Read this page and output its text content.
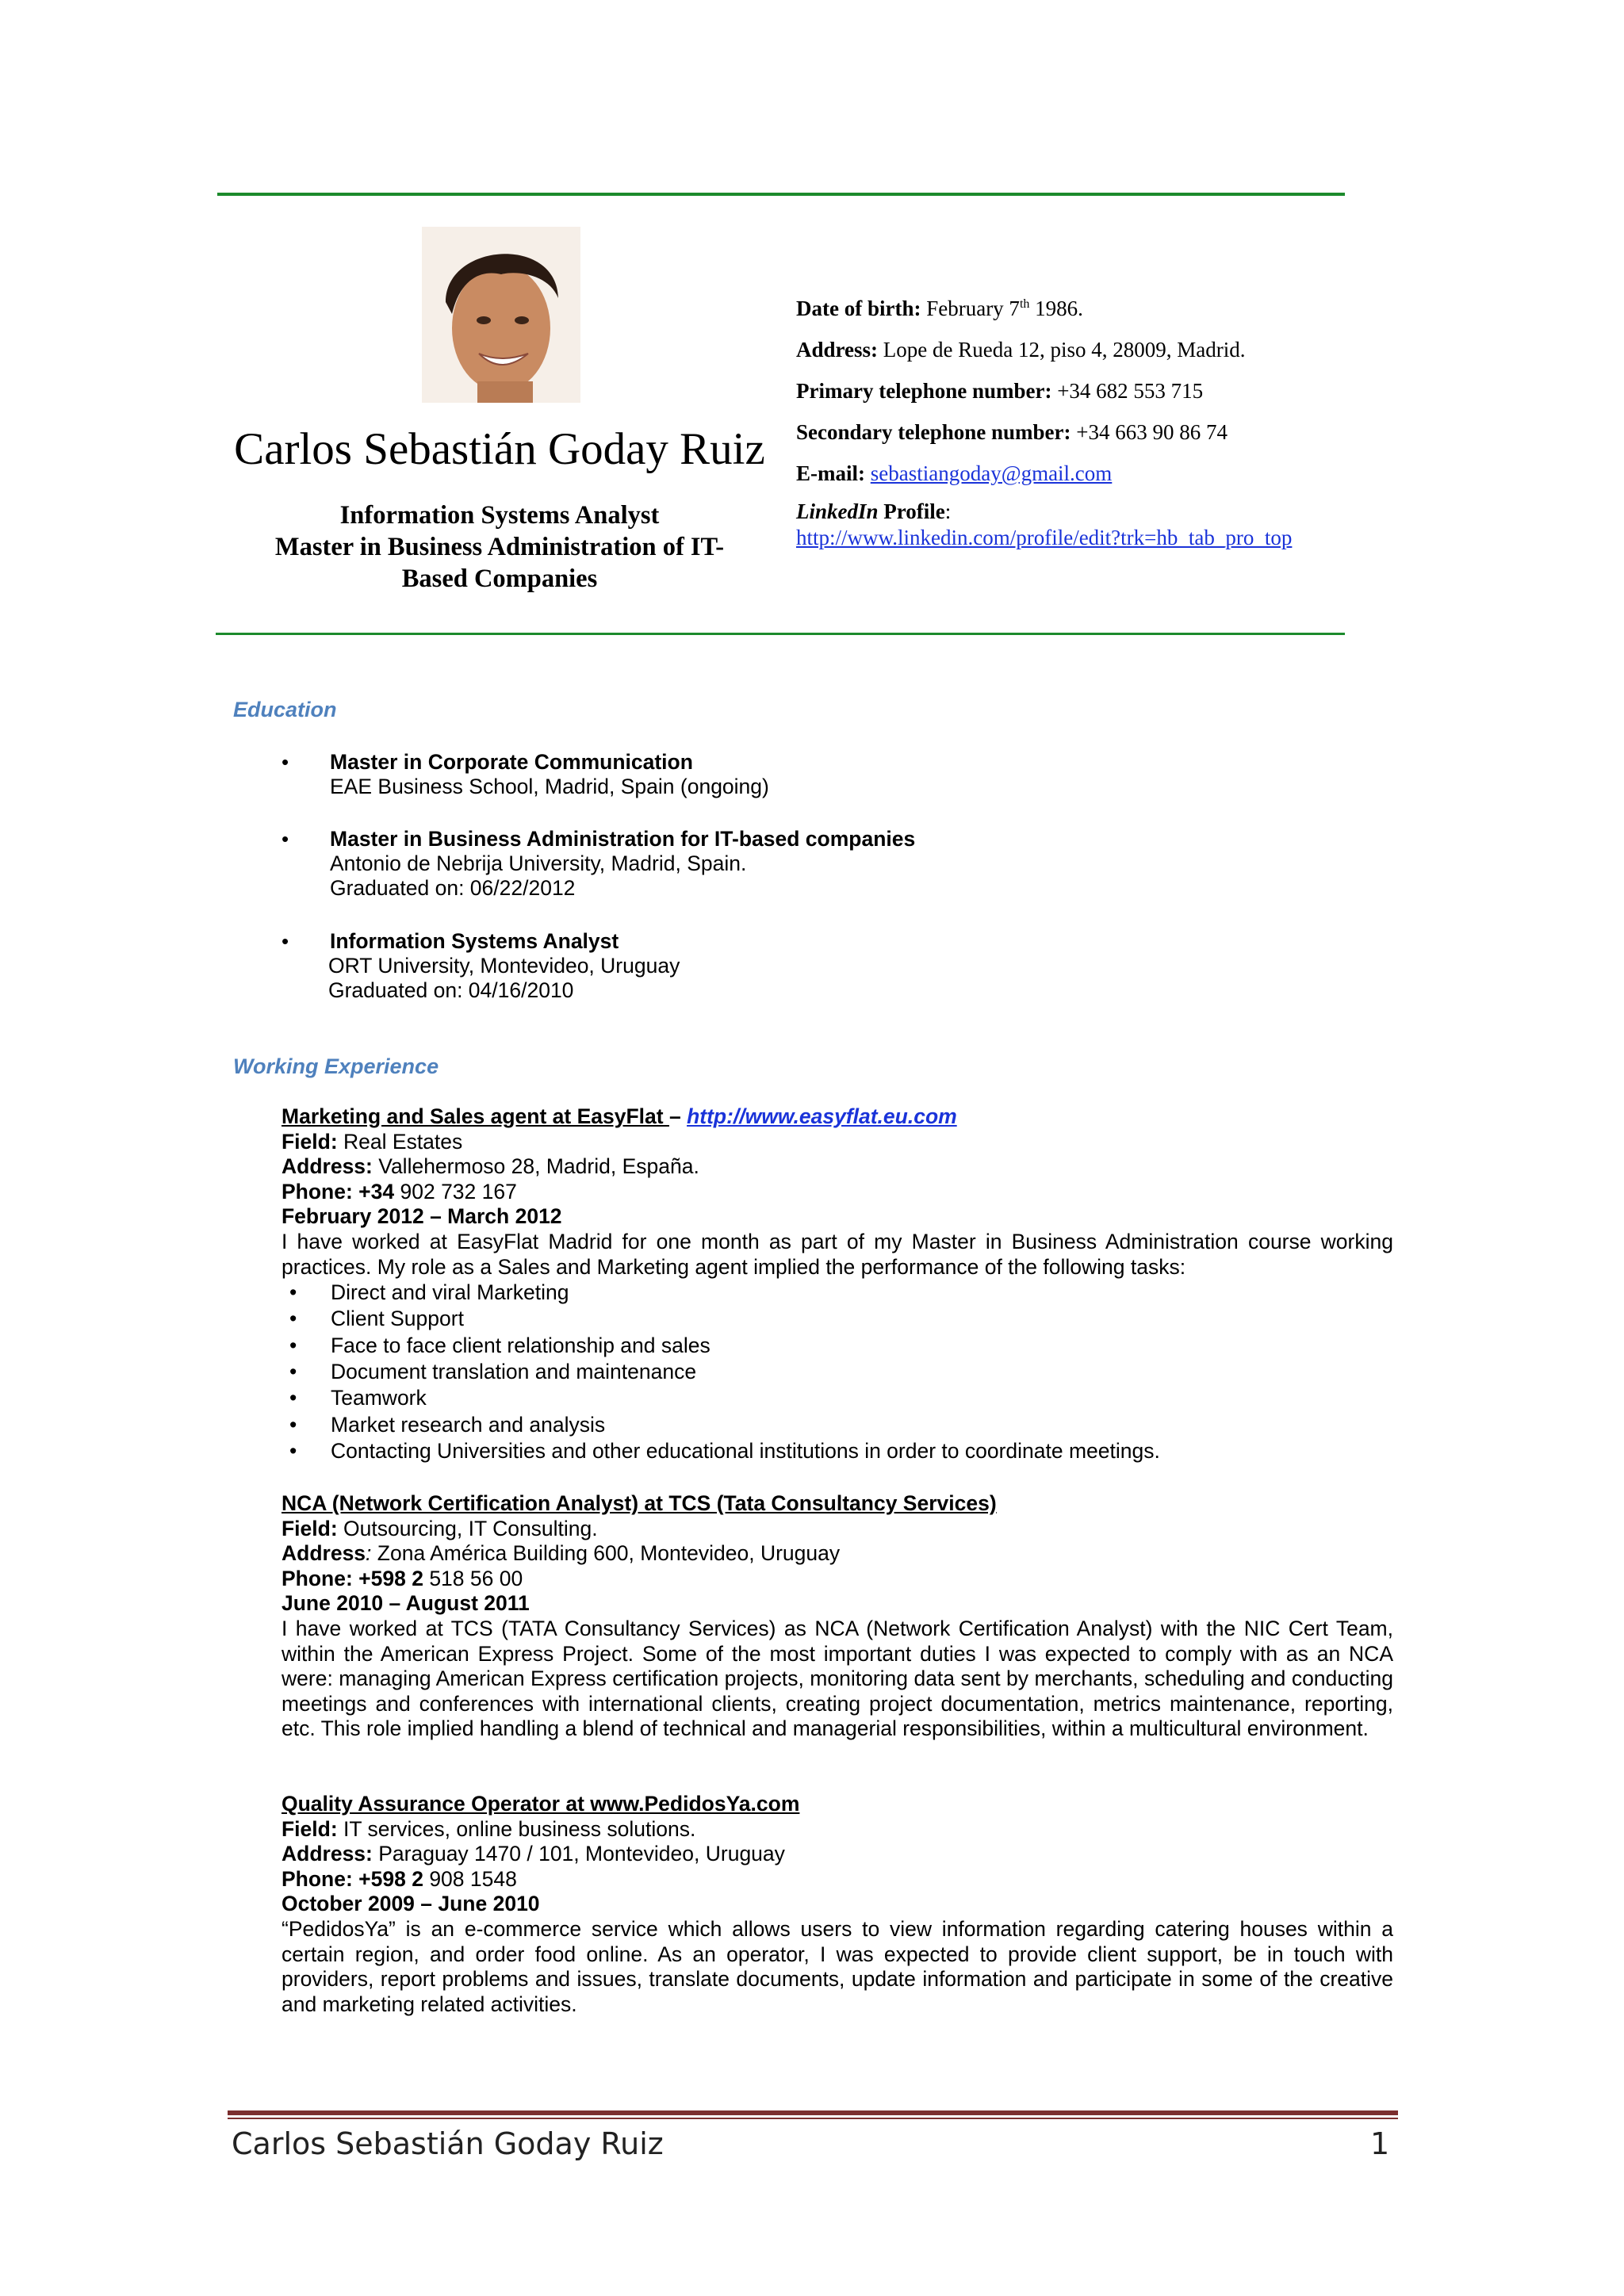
Carlos Sebastián Goday Ruiz
Information Systems Analyst
Master in Business Administration of IT-
Based Companies
Date of birth: February 7th 1986.
Address: Lope de Rueda 12, piso 4, 28009, Madrid.
Primary telephone number: +34 682 553 715
Secondary telephone number: +34 663 90 86 74
E-mail: sebastiangoday@gmail.com
LinkedIn Profile:
http://www.linkedin.com/profile/edit?trk=hb_tab_pro_top
Education
• Master in Corporate Communication
EAE Business School, Madrid, Spain (ongoing)
• Master in Business Administration for IT-based companies
Antonio de Nebrija University, Madrid, Spain.
Graduated on: 06/22/2012
• Information Systems Analyst
ORT University, Montevideo, Uruguay
Graduated on: 04/16/2010
Working Experience
Marketing and Sales agent at EasyFlat – http://www.easyflat.eu.com
Field: Real Estates
Address: Vallehermoso 28, Madrid, España.
Phone: +34 902 732 167
February 2012 – March 2012
I have worked at EasyFlat Madrid for one month as part of my Master in Business Administration course working practices. My role as a Sales and Marketing agent implied the performance of the following tasks:
• Direct and viral Marketing
• Client Support
• Face to face client relationship and sales
• Document translation and maintenance
• Teamwork
• Market research and analysis
• Contacting Universities and other educational institutions in order to coordinate meetings.
NCA (Network Certification Analyst) at TCS (Tata Consultancy Services)
Field: Outsourcing, IT Consulting.
Address: Zona América Building 600, Montevideo, Uruguay
Phone: +598 2 518 56 00
June 2010 – August 2011
I have worked at TCS (TATA Consultancy Services) as NCA (Network Certification Analyst) with the NIC Cert Team, within the American Express Project. Some of the most important duties I was expected to comply with as an NCA were: managing American Express certification projects, monitoring data sent by merchants, scheduling and conducting meetings and conferences with international clients, creating project documentation, metrics maintenance, reporting, etc. This role implied handling a blend of technical and managerial responsibilities, within a multicultural environment.
Quality Assurance Operator at www.PedidosYa.com
Field: IT services, online business solutions.
Address: Paraguay 1470 / 101, Montevideo, Uruguay
Phone: +598 2 908 1548
October 2009 – June 2010
“PedidosYa” is an e-commerce service which allows users to view information regarding catering houses within a certain region, and order food online. As an operator, I was expected to provide client support, be in touch with providers, report problems and issues, translate documents, update information and participate in some of the creative and marketing related activities.
Carlos Sebastián Goday Ruiz	1
